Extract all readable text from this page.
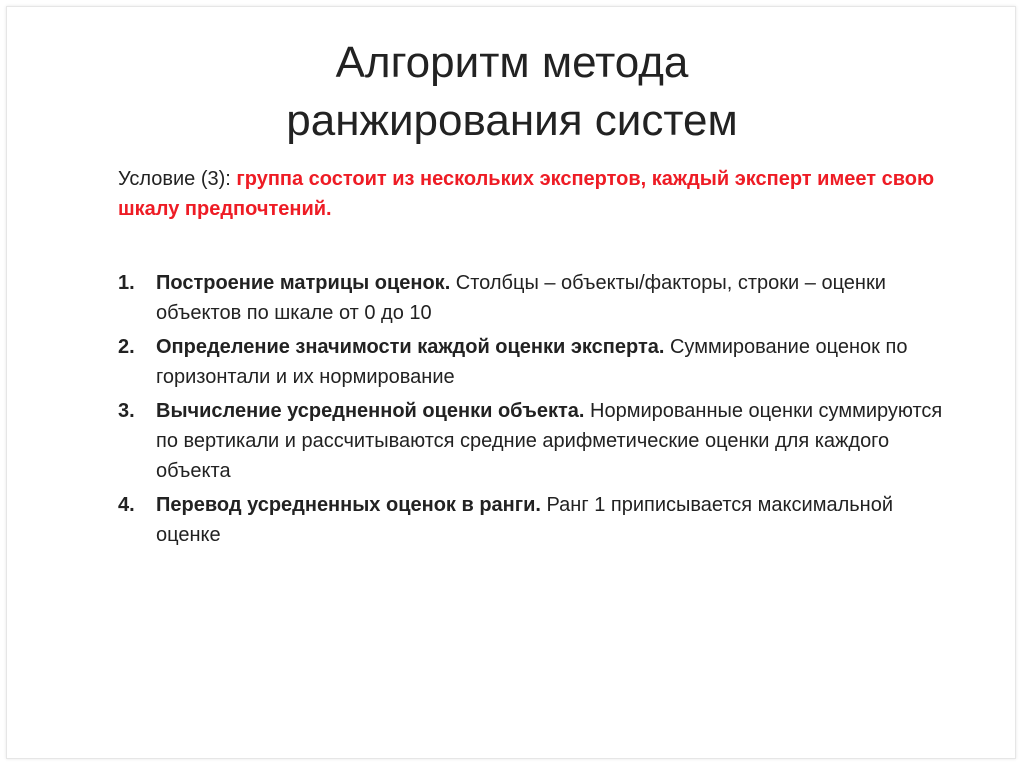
Алгоритм метода
ранжирования систем

Условие (3): группа состоит из нескольких экспертов, каждый эксперт имеет свою шкалу предпочтений.

1. Построение матрицы оценок. Столбцы – объекты/факторы, строки – оценки объектов по шкале от 0 до 10
2. Определение значимости каждой оценки эксперта. Суммирование оценок по горизонтали и их нормирование
3. Вычисление усредненной оценки объекта. Нормированные оценки суммируются по вертикали и рассчитываются средние арифметические оценки для каждого объекта
4. Перевод усредненных оценок в ранги. Ранг 1 приписывается максимальной оценке
